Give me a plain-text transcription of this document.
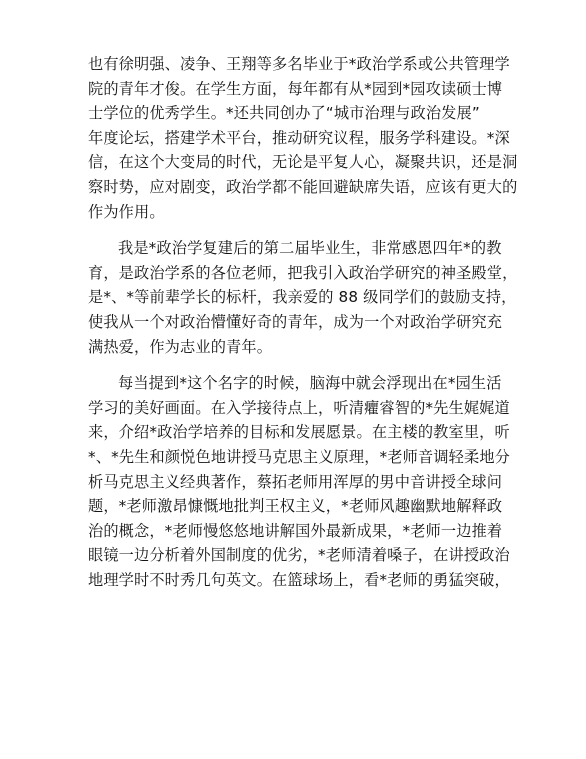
也有徐明强、凌争、王翔等多名毕业于*政治学系或公共管理学
院的青年才俊。在学生方面，每年都有从*园到*园攻读硕士博
士学位的优秀学生。*还共同创办了“城市治理与政治发展”
年度论坛，搭建学术平台，推动研究议程，服务学科建设。*深
信，在这个大变局的时代，无论是平复人心，凝聚共识，还是洞
察时势，应对剧变，政治学都不能回避缺席失语，应该有更大的
作为作用。
我是*政治学复建后的第二届毕业生，非常感恩四年*的教
育，是政治学系的各位老师，把我引入政治学研究的神圣殿堂，
是*、*等前辈学长的标杆，我亲爱的 88 级同学们的鼓励支持，
使我从一个对政治懵懂好奇的青年，成为一个对政治学研究充
满热爱，作为志业的青年。
每当提到*这个名字的时候，脑海中就会浮现出在*园生活
学习的美好画面。在入学接待点上，听清癯睿智的*先生娓娓道
来，介绍*政治学培养的目标和发展愿景。在主楼的教室里，听
*、*先生和颜悦色地讲授马克思主义原理，*老师音调轻柔地分
析马克思主义经典著作，蔡拓老师用浑厚的男中音讲授全球问
题，*老师激昂慷慨地批判王权主义，*老师风趣幽默地解释政
治的概念，*老师慢悠悠地讲解国外最新成果，*老师一边推着
眼镜一边分析着外国制度的优劣，*老师清着嗓子，在讲授政治
地理学时不时秀几句英文。在篮球场上，看*老师的勇猛突破，
